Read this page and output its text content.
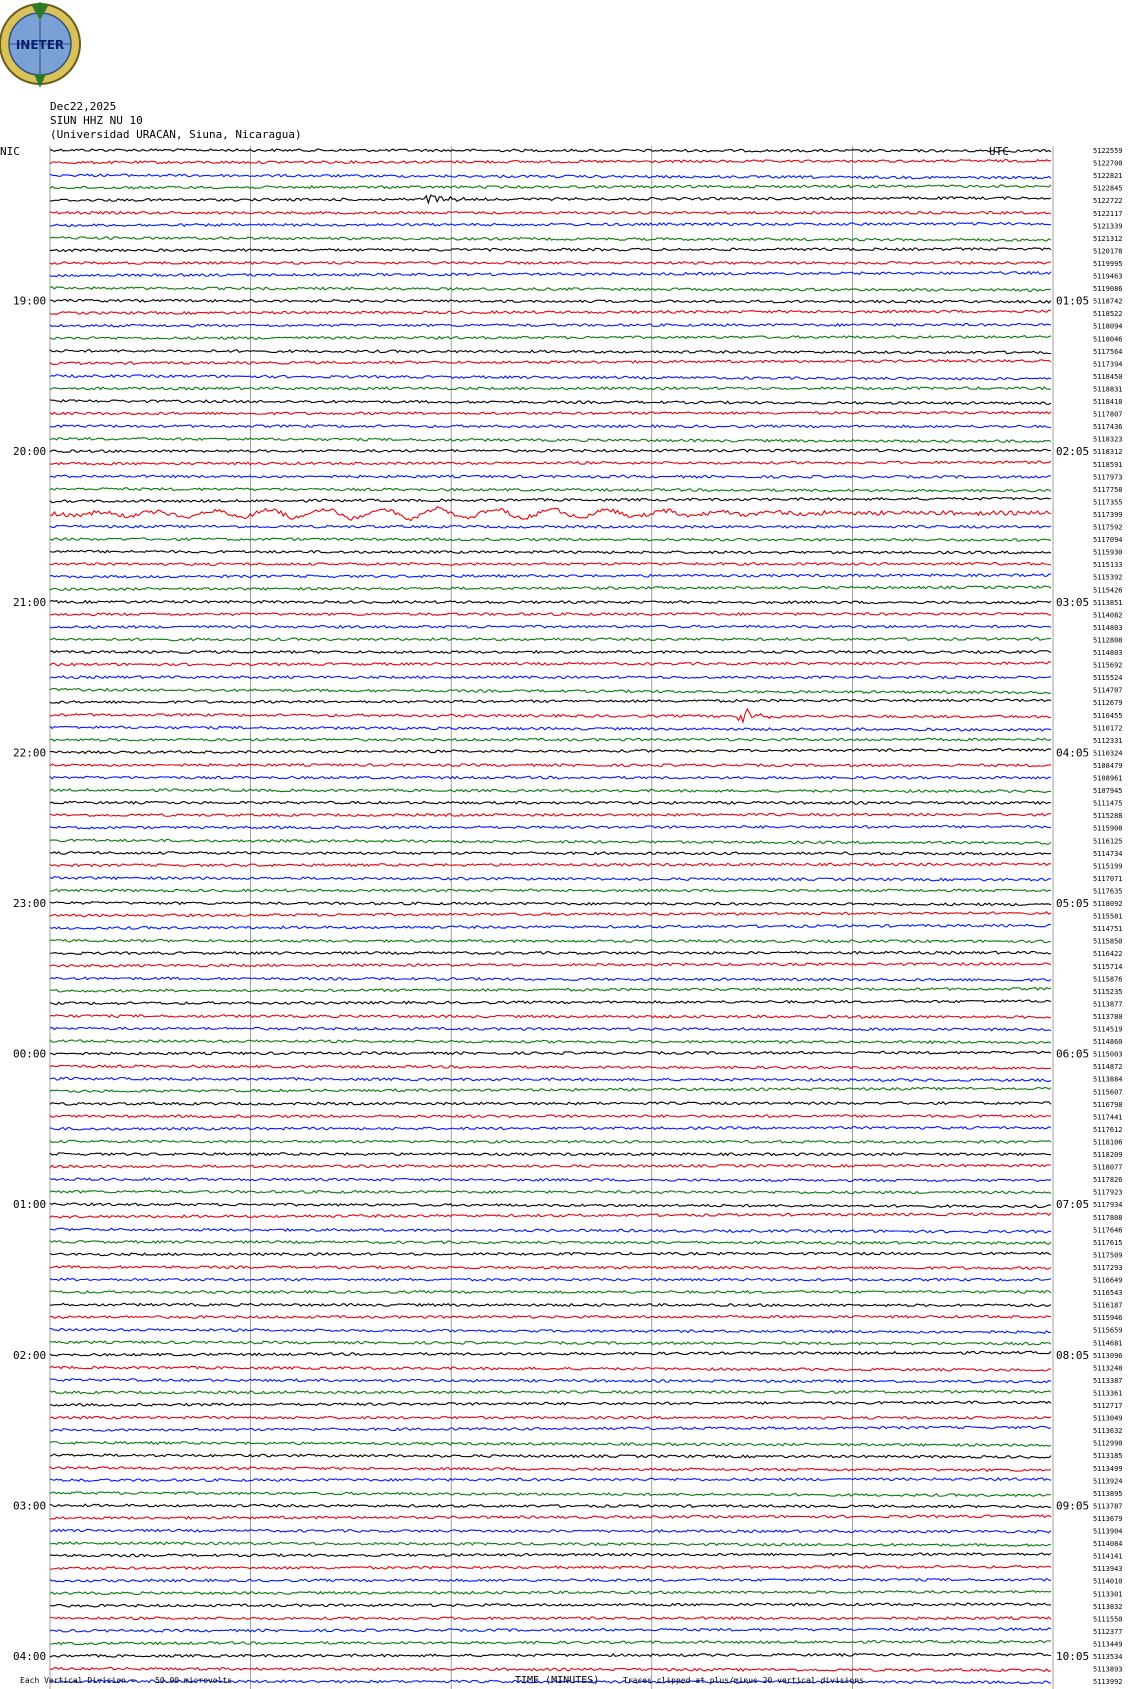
Dec22,2025
SIUN HHZ NU 10
(Universidad URACAN, Siuna, Nicaragua)
INETER
5122559
5122700
5122821
5122845
5122722
5122117
5121339
5121312
5120178
5119995
5119463
5119086
5118742
5118522
5118094
5118046
5117564
5117394
5118450
5118831
5118418
5117807
5117436
5118323
5118312
5118591
5117973
5117758
5117355
5117399
5117592
5117094
5115930
5115133
5115392
5115426
5113851
5114082
5114803
5112808
5114803
5115692
5115524
5114707
5112679
5110455
5110172
5112331
5110324
5108479
5108961
5107945
5111475
5115288
5115908
5116125
5114734
5115199
5117071
5117635
5118092
5115581
5114751
5115850
5116422
5115714
5115876
5115235
5113877
5113780
5114519
5114860
5115003
5114872
5113884
5115607
5116798
5117441
5117612
5118106
5118209
5118077
5117826
5117923
5117934
5117808
5117646
5117615
5117509
5117293
5116649
5116543
5116187
5115946
5115659
5114681
5113096
5113248
5113387
5113361
5112717
5113049
5113632
5112990
5113185
5113499
5113924
5113895
5113787
5113679
5113904
5114084
5114141
5113943
5114010
5113301
5113832
5111550
5112377
5113449
5113534
5113893
5113992
19:00	01:05
20:00	02:05
21:00	03:05
22:00	04:05
23:00	05:05
00:00	06:05
01:00	07:05
02:00	08:05
03:00	09:05
04:00	10:05
NIC	UTC
Each Vertical Division = 50.00 microvolts	TIME (MINUTES)	Traces clipped at plus/minus 20 vertical divisions
